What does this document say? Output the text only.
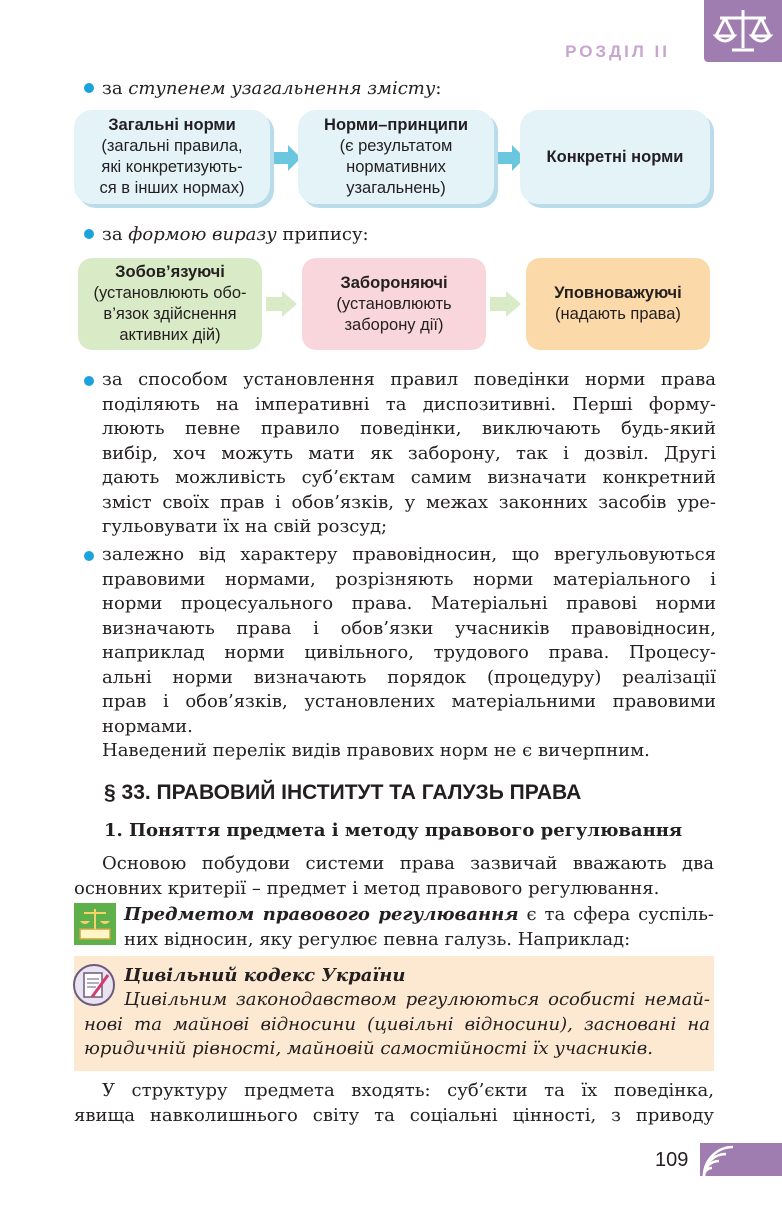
РОЗДІЛ ІІ
за ступенем узагальнення змісту:
Загальні норми
(загальні правила,
які конкретизують-
ся в інших нормах)
Норми–принципи
(є результатом
нормативних
узагальнень)
Конкретні норми
за формою виразу припису:
Зобов’язуючі
(установлюють обо-
в’язок здійснення
активних дій)
Забороняючі
(установлюють
заборону дії)
Уповноважуючі
(надають права)
за способом установлення правил поведінки норми права
поділяють на імперативні та диспозитивні. Перші форму-
люють певне правило поведінки, виключають будь-який
вибір, хоч можуть мати як заборону, так і дозвіл. Другі
дають можливість суб’єктам самим визначати конкретний
зміст своїх прав і обов’язків, у межах законних засобів уре-
гульовувати їх на свій розсуд;
залежно від характеру правовідносин, що врегульовуються
правовими нормами, розрізняють норми матеріального і
норми процесуального права. Матеріальні правові норми
визначають права і обов’язки учасників правовідносин,
наприклад норми цивільного, трудового права. Процесу-
альні норми визначають порядок (процедуру) реалізації
прав і обов’язків, установлених матеріальними правовими
нормами.
Наведений перелік видів правових норм не є вичерпним.
§ 33. ПРАВОВИЙ ІНСТИТУТ ТА ГАЛУЗЬ ПРАВА
1. Поняття предмета і методу правового регулювання
Основою побудови системи права зазвичай вважають два
основних критерії – предмет і метод правового регулювання.
Предметом правового регулювання є та сфера суспіль-
них відносин, яку регулює певна галузь. Наприклад:
Цивільний кодекс України
Цивільним законодавством регулюються особисті немай-
нові та майнові відносини (цивільні відносини), засновані на
юридичній рівності, майновій самостійності їх учасників.
У структуру предмета входять: суб’єкти та їх поведінка,
явища навколишнього світу та соціальні цінності, з приводу
109
